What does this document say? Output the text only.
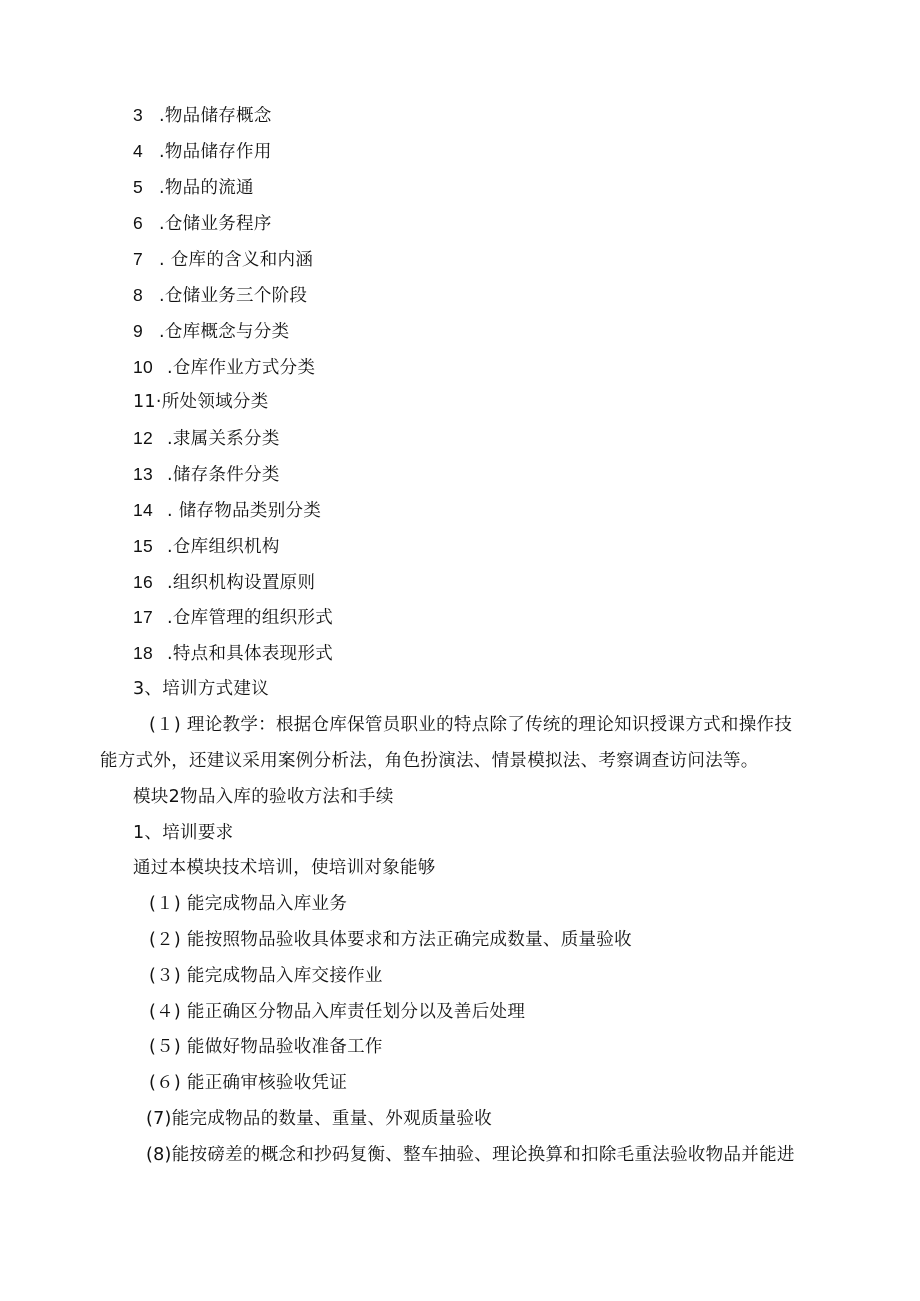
3 .物品储存概念
4 .物品储存作用
5 .物品的流通
6 .仓储业务程序
7 . 仓库的含义和内涵
8 .仓储业务三个阶段
9 .仓库概念与分类
10 .仓库作业方式分类
11·所处领域分类
12 .隶属关系分类
13 .储存条件分类
14 . 储存物品类别分类
15 .仓库组织机构
16 .组织机构设置原则
17 .仓库管理的组织形式
18 .特点和具体表现形式
3、培训方式建议
(１) 理论教学：根据仓库保管员职业的特点除了传统的理论知识授课方式和操作技
能方式外，还建议采用案例分析法，角色扮演法、情景模拟法、考察调查访问法等。
模块2物品入库的验收方法和手续
1、培训要求
通过本模块技术培训，使培训对象能够
(１) 能完成物品入库业务
(２) 能按照物品验收具体要求和方法正确完成数量、质量验收
(３) 能完成物品入库交接作业
(４) 能正确区分物品入库责任划分以及善后处理
(５) 能做好物品验收准备工作
(６) 能正确审核验收凭证
(7)能完成物品的数量、重量、外观质量验收
(8)能按磅差的概念和抄码复衡、整车抽验、理论换算和扣除毛重法验收物品并能进
